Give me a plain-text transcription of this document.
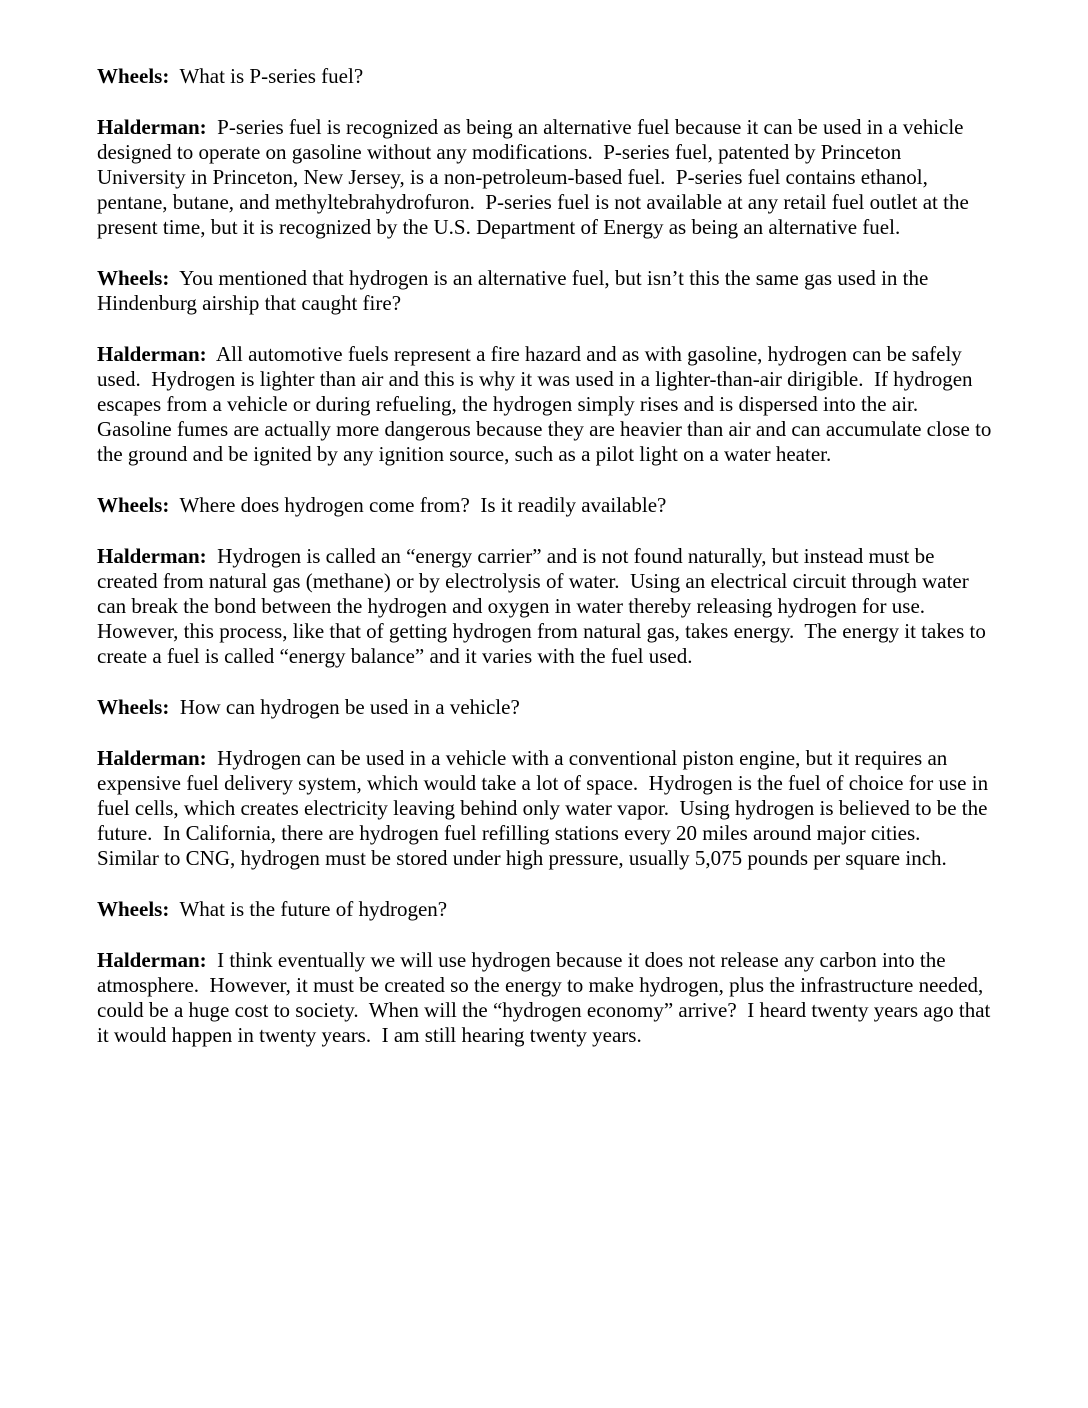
Wheels: What is P-series fuel?

Halderman: P-series fuel is recognized as being an alternative fuel because it can be used in a vehicle designed to operate on gasoline without any modifications.  P-series fuel, patented by Princeton University in Princeton, New Jersey, is a non-petroleum-based fuel.  P-series fuel contains ethanol, pentane, butane, and methyltebrahydrofuron.  P-series fuel is not available at any retail fuel outlet at the present time, but it is recognized by the U.S. Department of Energy as being an alternative fuel.

Wheels: You mentioned that hydrogen is an alternative fuel, but isn’t this the same gas used in the Hindenburg airship that caught fire?

Halderman: All automotive fuels represent a fire hazard and as with gasoline, hydrogen can be safely used.  Hydrogen is lighter than air and this is why it was used in a lighter-than-air dirigible.  If hydrogen escapes from a vehicle or during refueling, the hydrogen simply rises and is dispersed into the air.  Gasoline fumes are actually more dangerous because they are heavier than air and can accumulate close to the ground and be ignited by any ignition source, such as a pilot light on a water heater.

Wheels: Where does hydrogen come from?  Is it readily available?

Halderman: Hydrogen is called an “energy carrier” and is not found naturally, but instead must be created from natural gas (methane) or by electrolysis of water.  Using an electrical circuit through water can break the bond between the hydrogen and oxygen in water thereby releasing hydrogen for use.  However, this process, like that of getting hydrogen from natural gas, takes energy.  The energy it takes to create a fuel is called “energy balance” and it varies with the fuel used.

Wheels: How can hydrogen be used in a vehicle?

Halderman: Hydrogen can be used in a vehicle with a conventional piston engine, but it requires an expensive fuel delivery system, which would take a lot of space.  Hydrogen is the fuel of choice for use in fuel cells, which creates electricity leaving behind only water vapor.  Using hydrogen is believed to be the future.  In California, there are hydrogen fuel refilling stations every 20 miles around major cities.  Similar to CNG, hydrogen must be stored under high pressure, usually 5,075 pounds per square inch.

Wheels: What is the future of hydrogen?

Halderman: I think eventually we will use hydrogen because it does not release any carbon into the atmosphere.  However, it must be created so the energy to make hydrogen, plus the infrastructure needed, could be a huge cost to society.  When will the “hydrogen economy” arrive?  I heard twenty years ago that it would happen in twenty years.  I am still hearing twenty years.
